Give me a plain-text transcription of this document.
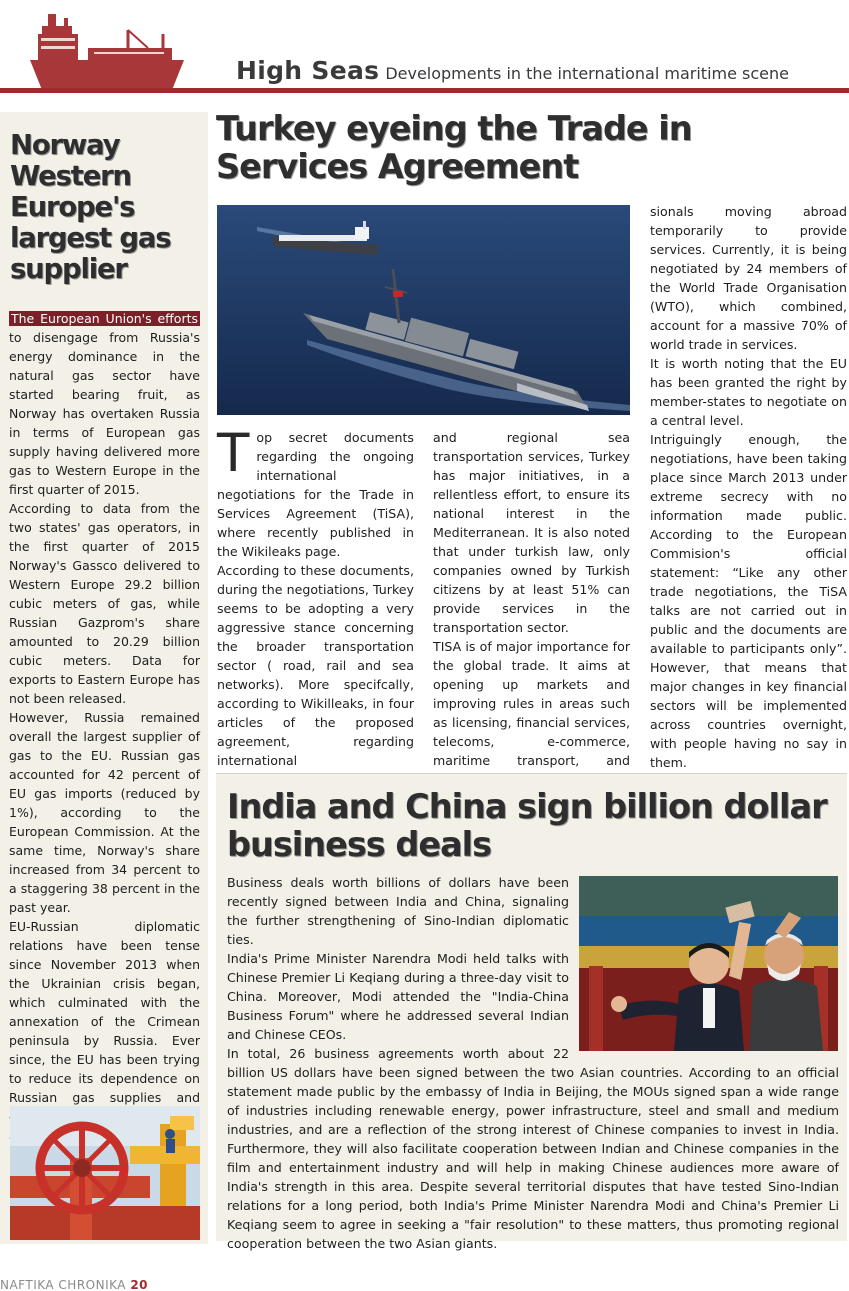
High Seas Developments in the international maritime scene
Norway
Western
Europe's
largest gas
supplier

The European Union's efforts to disengage from Russia's energy dominance in the natural gas sector have started bearing fruit, as Norway has overtaken Russia in terms of European gas supply having delivered more gas to Western Europe in the first quarter of 2015.

According to data from the two states' gas operators, in the first quarter of 2015 Norway's Gassco delivered to Western Europe 29.2 billion cubic meters of gas, while Russian Gazprom's share amounted to 20.29 billion cubic meters. Data for exports to Eastern Europe has not been released.

However, Russia remained overall the largest supplier of gas to the EU. Russian gas accounted for 42 percent of EU gas imports (reduced by 1%), according to the European Commission. At the same time, Norway's share increased from 34 percent to a staggering 38 percent in the past year.

EU-Russian diplomatic relations have been tense since November 2013 when the Ukrainian crisis began, which culminated with the annexation of the Crimean peninsula by Russia. Ever since, the EU has been trying to reduce its dependence on Russian gas supplies and

Turkey eyeing the Trade in Services Agreement

Top secret documents regarding the ongoing international negotiations for the Trade in Services Agreement (TiSA), where recently published in the Wikileaks page.

According to these documents, during the negotiations, Turkey seems to be adopting a very aggressive stance concerning the broader transportation sector ( road, rail and sea networks). More specifcally, according to Wikilleaks, in four articles of the proposed agreement, regarding international

and regional sea transportation services, Turkey has major initiatives, in a rellentless effort, to ensure its national interest in the Mediterranean. It is also noted that under turkish law, only companies owned by Turkish citizens by at least 51% can provide services in the transportation sector.

TISA is of major importance for the global trade. It aims at opening up markets and improving rules in areas such as licensing, financial services, telecoms, e-commerce, maritime transport, and

sionals moving abroad temporarily to provide services. Currently, it is being negotiated by 24 members of the World Trade Organisation (WTO), which combined, account for a massive 70% of world trade in services.

It is worth noting that the EU has been granted the right by member-states to negotiate on a central level.

Intriguingly enough, the negotiations, have been taking place since March 2013 under extreme secrecy with no information made public. According to the European Commision's official statement: “Like any other trade negotiations, the TiSA talks are not carried out in public and the documents are available to participants only”. However, that means that major changes in key financial sectors will be implemented across countries overnight, with people having no say in them.

India and China sign billion dollar business deals

Business deals worth billions of dollars have been recently signed between India and China, signaling the further strengthening of Sino-Indian diplomatic ties.

India's Prime Minister Narendra Modi held talks with Chinese Premier Li Keqiang during a three-day visit to China. Moreover, Modi attended the "India-China Business Forum" where he addressed several Indian and Chinese CEOs.

In total, 26 business agreements worth about 22 billion US dollars have been signed between the two Asian countries. According to an official statement made public by the embassy of India in Beijing, the MOUs signed span a wide range of industries including renewable energy, power infrastructure, steel and small and medium industries, and are a reflection of the strong interest of Chinese companies to invest in India. Furthermore, they will also facilitate cooperation between Indian and Chinese companies in the film and entertainment industry and will help in making Chinese audiences more aware of India's strength in this area. Despite several territorial disputes that have tested Sino-Indian relations for a long period, both India's Prime Minister Narendra Modi and China's Premier Li Keqiang seem to agree in seeking a "fair resolution" to these matters, thus promoting regional cooperation between the two Asian giants.

NAFTIKA CHRONIKA 20
